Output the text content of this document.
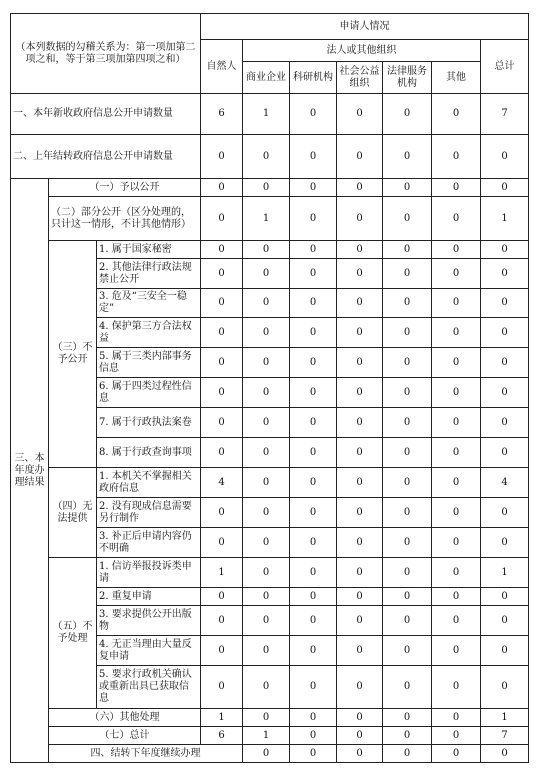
（本列数据的勾稽关系为：第一项加第二项之和，等于第三项加第四项之和）			申请人情况							
			自然人	法人或其他组织					总计	
				商业企业	科研机构	社会公益组织	法律服务机构	其他		
一、本年新收政府信息公开申请数量			6	1	0	0	0	0	7	
二、上年结转政府信息公开申请数量			0	0	0	0	0	0	0	
三、本年度办理结果	（一）予以公开		0	0	0	0	0	0	0	
	（二）部分公开（区分处理的，只计这一情形，不计其他情形）		0	1	0	0	0	0	1	
	（三）不予公开	1. 属于国家秘密	0	0	0	0	0	0	0	
		2. 其他法律行政法规禁止公开	0	0	0	0	0	0	0	
		3. 危及“三安全一稳定”	0	0	0	0	0	0	0	
		4. 保护第三方合法权益	0	0	0	0	0	0	0	
		5. 属于三类内部事务信息	0	0	0	0	0	0	0	
		6. 属于四类过程性信息	0	0	0	0	0	0	0	
		7. 属于行政执法案卷	0	0	0	0	0	0	0	
		8. 属于行政查询事项	0	0	0	0	0	0	0	
	（四）无法提供	1. 本机关不掌握相关政府信息	4	0	0	0	0	0	4	
		2. 没有现成信息需要另行制作	0	0	0	0	0	0	0	
		3. 补正后申请内容仍不明确	0	0	0	0	0	0	0	
	（五）不予处理	1. 信访举报投诉类申请	1	0	0	0	0	0	1	
		2. 重复申请	0	0	0	0	0	0	0	
		3. 要求提供公开出版物	0	0	0	0	0	0	0	
		4. 无正当理由大量反复申请	0	0	0	0	0	0	0	
		5. 要求行政机关确认或重新出具已获取信息	0	0	0	0	0	0	0	
	（六）其他处理		1	0	0	0	0	0	1	
	（七）总计		6	1	0	0	0	0	7	
	四、结转下年度继续办理			0	0	0	0	0	0	
